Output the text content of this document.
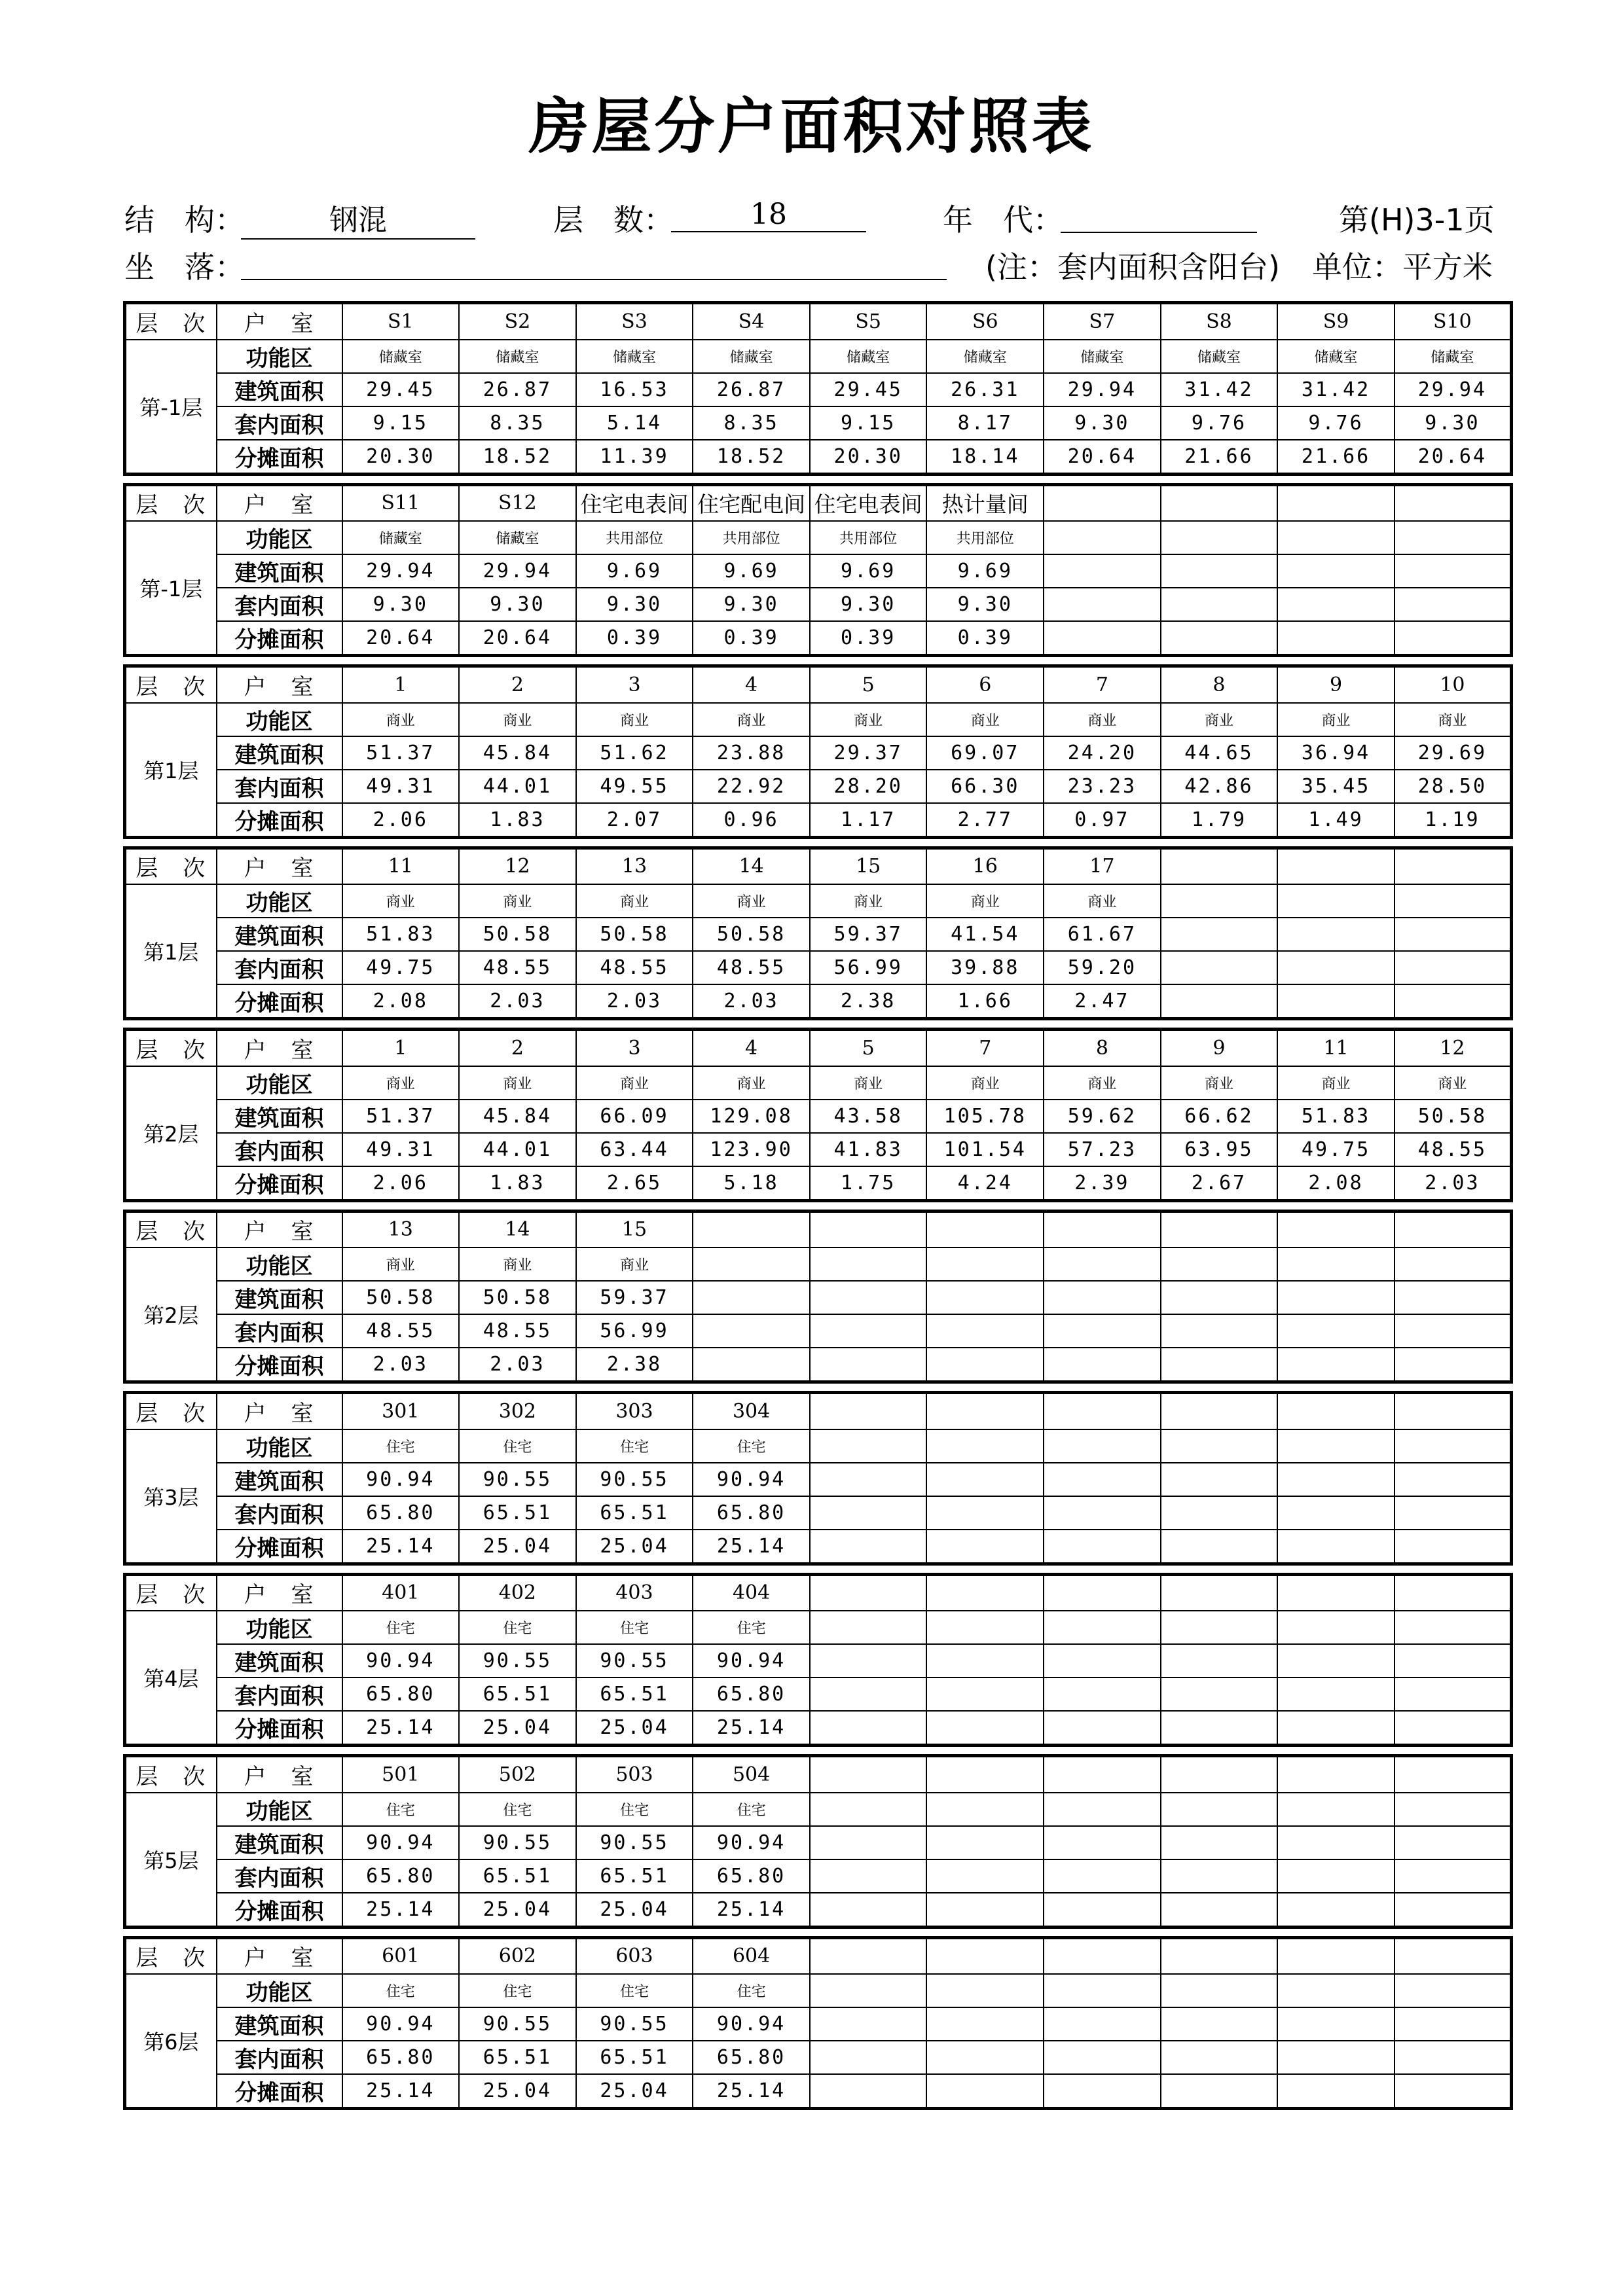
房屋分户面积对照表
结　构：	钢混	层　数：	18	年　代：	第(H)3-1页
坐　落：	(注：套内面积含阳台) 单位：平方米
层　次	户　室	S1	S2	S3	S4	S5	S6	S7	S8	S9	S10
第-1层	功能区	储藏室	储藏室	储藏室	储藏室	储藏室	储藏室	储藏室	储藏室	储藏室	储藏室
	建筑面积	29.45	26.87	16.53	26.87	29.45	26.31	29.94	31.42	31.42	29.94
	套内面积	9.15	8.35	5.14	8.35	9.15	8.17	9.30	9.76	9.76	9.30
	分摊面积	20.30	18.52	11.39	18.52	20.30	18.14	20.64	21.66	21.66	20.64
层　次	户　室	S11	S12	住宅电表间	住宅配电间	住宅电表间	热计量间				
第-1层	功能区	储藏室	储藏室	共用部位	共用部位	共用部位	共用部位				
	建筑面积	29.94	29.94	9.69	9.69	9.69	9.69				
	套内面积	9.30	9.30	9.30	9.30	9.30	9.30				
	分摊面积	20.64	20.64	0.39	0.39	0.39	0.39				
层　次	户　室	1	2	3	4	5	6	7	8	9	10
第1层	功能区	商业	商业	商业	商业	商业	商业	商业	商业	商业	商业
	建筑面积	51.37	45.84	51.62	23.88	29.37	69.07	24.20	44.65	36.94	29.69
	套内面积	49.31	44.01	49.55	22.92	28.20	66.30	23.23	42.86	35.45	28.50
	分摊面积	2.06	1.83	2.07	0.96	1.17	2.77	0.97	1.79	1.49	1.19
层　次	户　室	11	12	13	14	15	16	17			
第1层	功能区	商业	商业	商业	商业	商业	商业	商业			
	建筑面积	51.83	50.58	50.58	50.58	59.37	41.54	61.67			
	套内面积	49.75	48.55	48.55	48.55	56.99	39.88	59.20			
	分摊面积	2.08	2.03	2.03	2.03	2.38	1.66	2.47			
层　次	户　室	1	2	3	4	5	7	8	9	11	12
第2层	功能区	商业	商业	商业	商业	商业	商业	商业	商业	商业	商业
	建筑面积	51.37	45.84	66.09	129.08	43.58	105.78	59.62	66.62	51.83	50.58
	套内面积	49.31	44.01	63.44	123.90	41.83	101.54	57.23	63.95	49.75	48.55
	分摊面积	2.06	1.83	2.65	5.18	1.75	4.24	2.39	2.67	2.08	2.03
层　次	户　室	13	14	15							
第2层	功能区	商业	商业	商业							
	建筑面积	50.58	50.58	59.37							
	套内面积	48.55	48.55	56.99							
	分摊面积	2.03	2.03	2.38							
层　次	户　室	301	302	303	304						
第3层	功能区	住宅	住宅	住宅	住宅						
	建筑面积	90.94	90.55	90.55	90.94						
	套内面积	65.80	65.51	65.51	65.80						
	分摊面积	25.14	25.04	25.04	25.14						
层　次	户　室	401	402	403	404						
第4层	功能区	住宅	住宅	住宅	住宅						
	建筑面积	90.94	90.55	90.55	90.94						
	套内面积	65.80	65.51	65.51	65.80						
	分摊面积	25.14	25.04	25.04	25.14						
层　次	户　室	501	502	503	504						
第5层	功能区	住宅	住宅	住宅	住宅						
	建筑面积	90.94	90.55	90.55	90.94						
	套内面积	65.80	65.51	65.51	65.80						
	分摊面积	25.14	25.04	25.04	25.14						
层　次	户　室	601	602	603	604						
第6层	功能区	住宅	住宅	住宅	住宅						
	建筑面积	90.94	90.55	90.55	90.94						
	套内面积	65.80	65.51	65.51	65.80						
	分摊面积	25.14	25.04	25.04	25.14						
